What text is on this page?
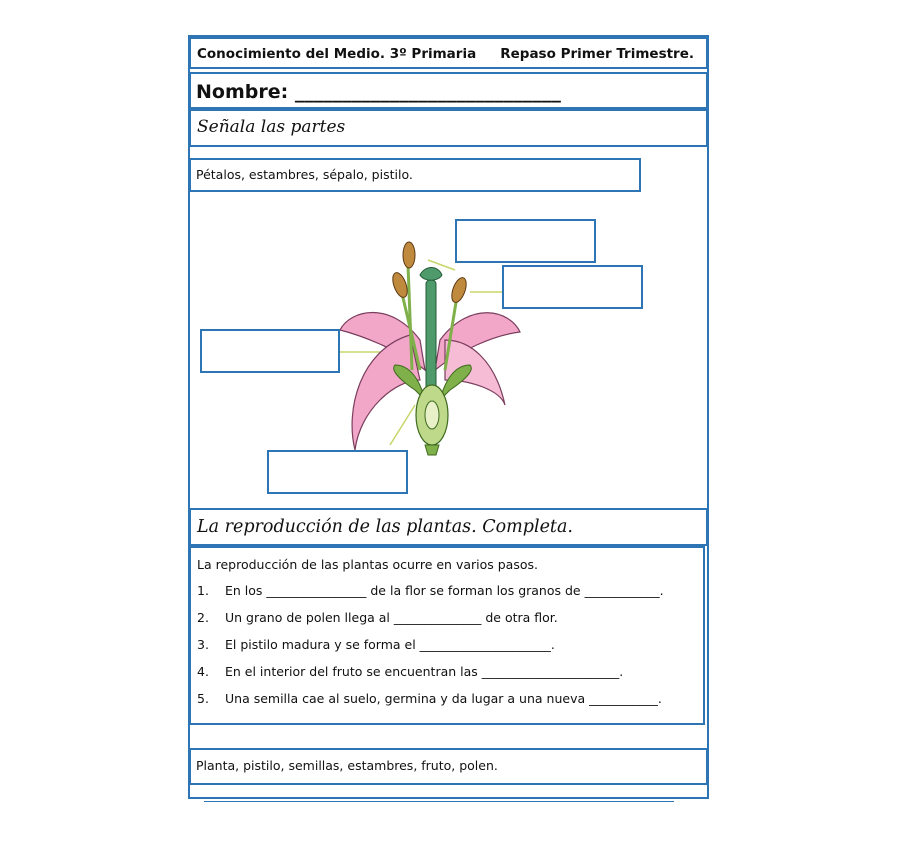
Conocimiento del Medio. 3º Primaria Repaso Primer Trimestre.
Nombre: ____________________________
Señala las partes
Pétalos, estambres, sépalo, pistilo.
La reproducción de las plantas. Completa.
La reproducción de las plantas ocurre en varios pasos.
1. En los ________________ de la flor se forman los granos de ____________.
2. Un grano de polen llega al ______________ de otra flor.
3. El pistilo madura y se forma el _____________________.
4. En el interior del fruto se encuentran las ______________________.
5. Una semilla cae al suelo, germina y da lugar a una nueva ___________.
Planta, pistilo, semillas, estambres, fruto, polen.
